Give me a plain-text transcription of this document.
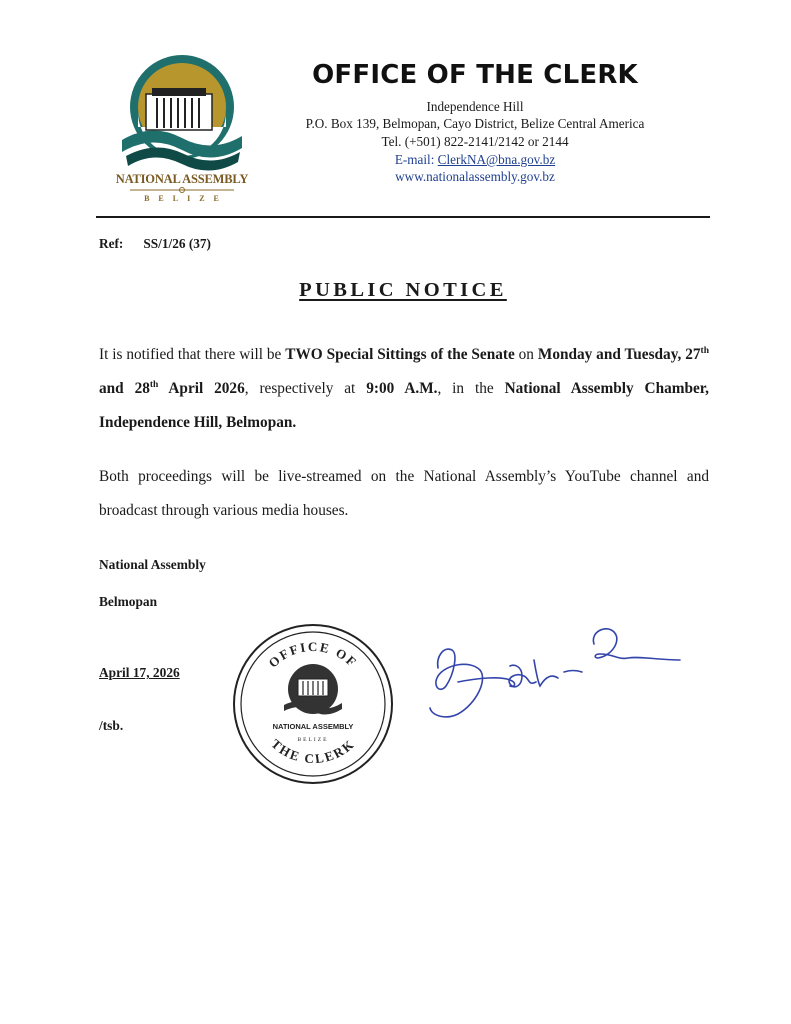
NATIONAL ASSEMBLY
BELIZE
OFFICE OF THE CLERK
Independence Hill
P.O. Box 139, Belmopan, Cayo District, Belize Central America
Tel. (+501) 822-2141/2142 or 2144
E-mail: ClerkNA@bna.gov.bz
www.nationalassembly.gov.bz
Ref: SS/1/26 (37)
PUBLIC NOTICE
It is notified that there will be TWO Special Sittings of the Senate on Monday and Tuesday, 27th and 28th April 2026, respectively at 9:00 A.M., in the National Assembly Chamber, Independence Hill, Belmopan.
Both proceedings will be live-streamed on the National Assembly’s YouTube channel and broadcast through various media houses.
National Assembly
Belmopan
April 17, 2026
/tsb.
OFFICE OF
THE CLERK
NATIONAL ASSEMBLY
BELIZE
